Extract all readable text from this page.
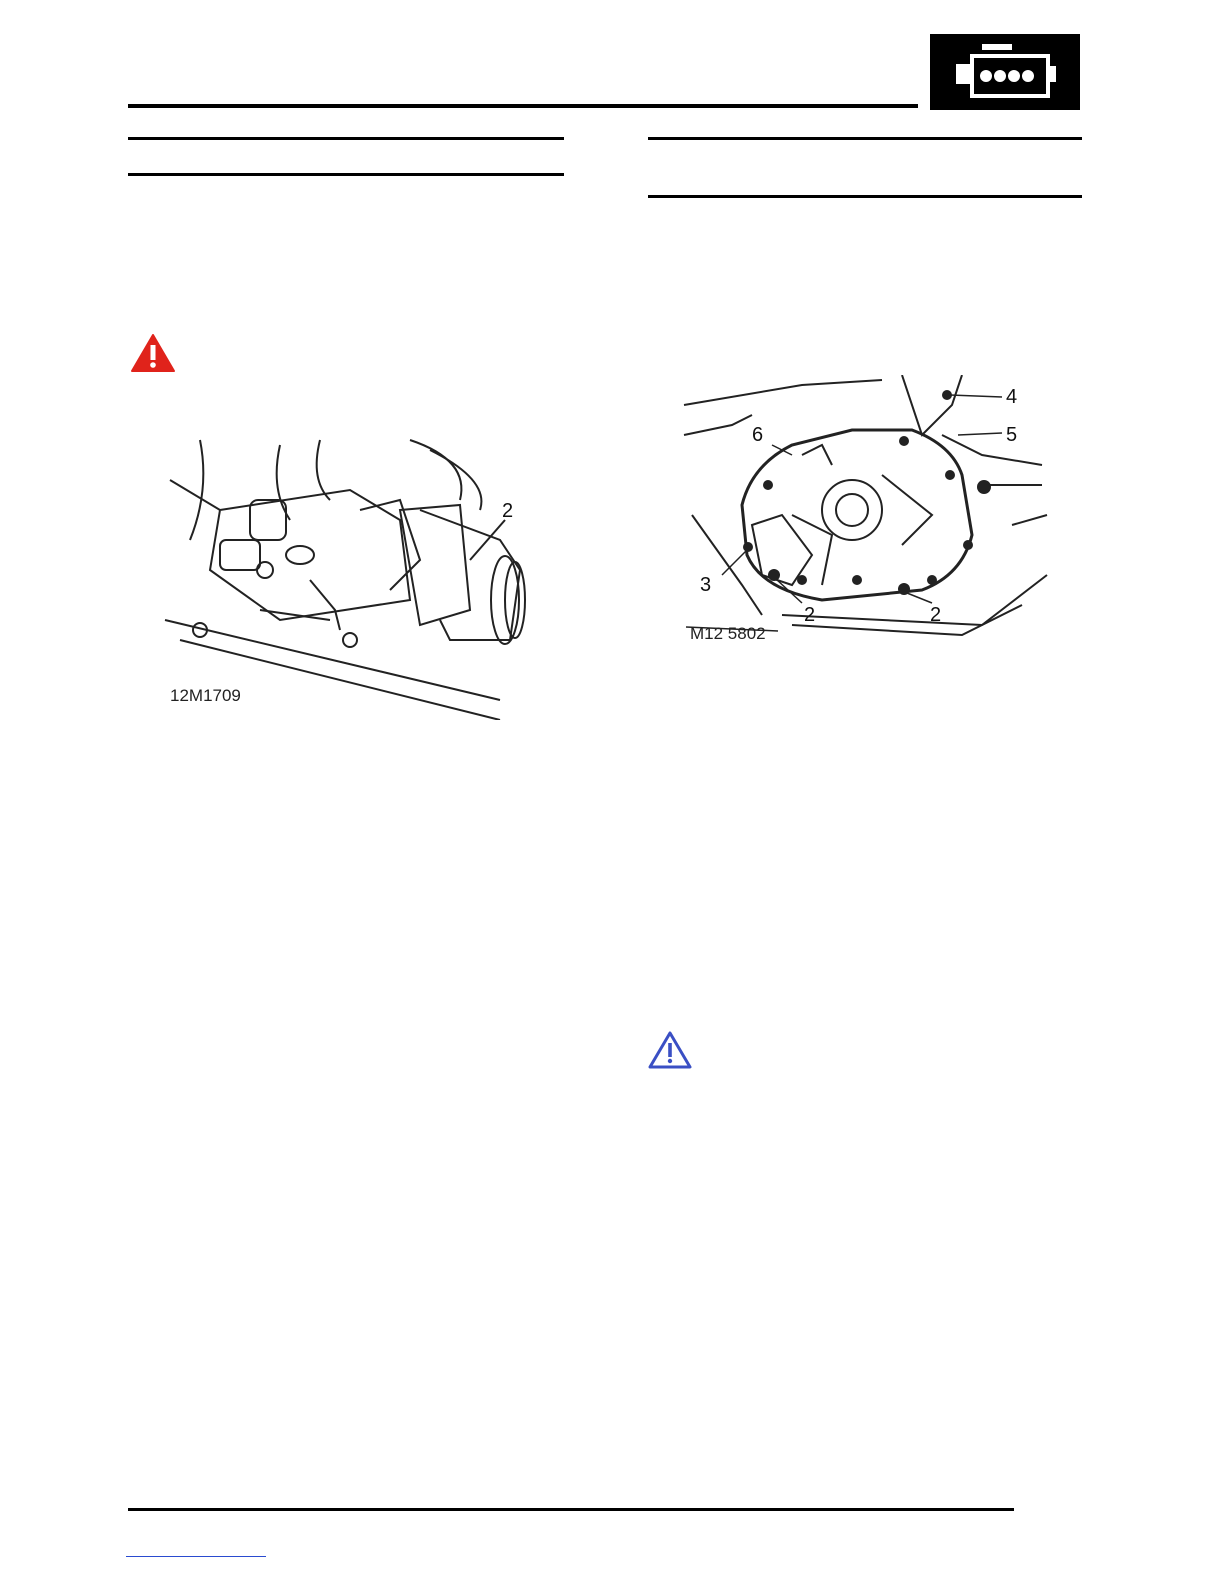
2
12M1709
4
5
6
3
2	2
M12 5802
